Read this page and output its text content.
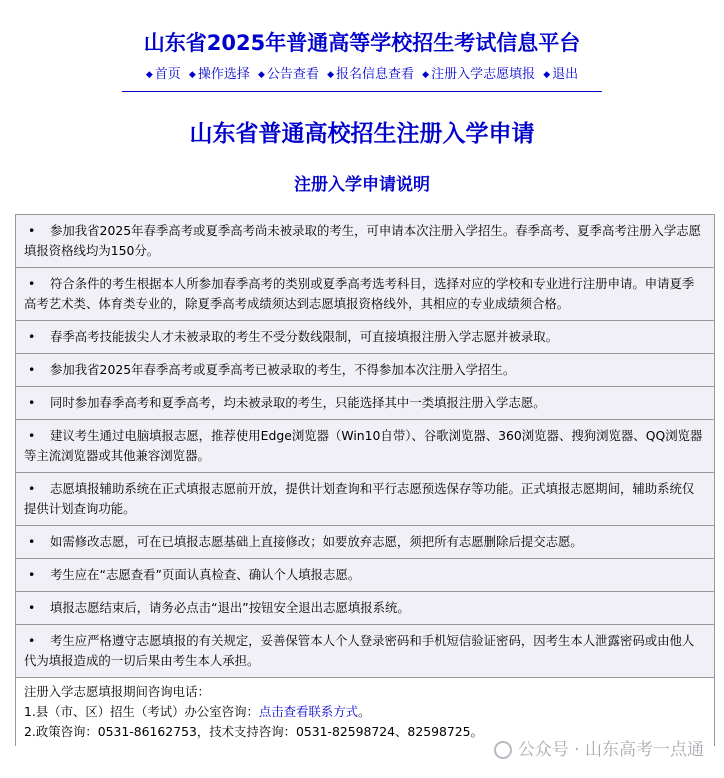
山东省2025年普通高等学校招生考试信息平台
◆ 首页 ◆ 操作选择 ◆ 公告查看 ◆ 报名信息查看 ◆ 注册入学志愿填报 ◆ 退出
山东省普通高校招生注册入学申请
注册入学申请说明
• 参加我省2025年春季高考或夏季高考尚未被录取的考生，可申请本次注册入学招生。春季高考、夏季高考注册入学志愿填报资格线均为150分。
• 符合条件的考生根据本人所参加春季高考的类别或夏季高考选考科目，选择对应的学校和专业进行注册申请。申请夏季高考艺术类、体育类专业的，除夏季高考成绩须达到志愿填报资格线外，其相应的专业成绩须合格。
• 春季高考技能拔尖人才未被录取的考生不受分数线限制，可直接填报注册入学志愿并被录取。
• 参加我省2025年春季高考或夏季高考已被录取的考生，不得参加本次注册入学招生。
• 同时参加春季高考和夏季高考，均未被录取的考生，只能选择其中一类填报注册入学志愿。
• 建议考生通过电脑填报志愿，推荐使用Edge浏览器（Win10自带）、谷歌浏览器、360浏览器、搜狗浏览器、QQ浏览器等主流浏览器或其他兼容浏览器。
• 志愿填报辅助系统在正式填报志愿前开放，提供计划查询和平行志愿预选保存等功能。正式填报志愿期间，辅助系统仅提供计划查询功能。
• 如需修改志愿，可在已填报志愿基础上直接修改；如要放弃志愿，须把所有志愿删除后提交志愿。
• 考生应在“志愿查看”页面认真检查、确认个人填报志愿。
• 填报志愿结束后，请务必点击“退出”按钮安全退出志愿填报系统。
• 考生应严格遵守志愿填报的有关规定，妥善保管本人个人登录密码和手机短信验证密码，因考生本人泄露密码或由他人代为填报造成的一切后果由考生本人承担。
注册入学志愿填报期间咨询电话：
1.县（市、区）招生（考试）办公室咨询：点击查看联系方式。
2.政策咨询：0531-86162753，技术支持咨询：0531-82598724、82598725。
公众号 · 山东高考一点通
